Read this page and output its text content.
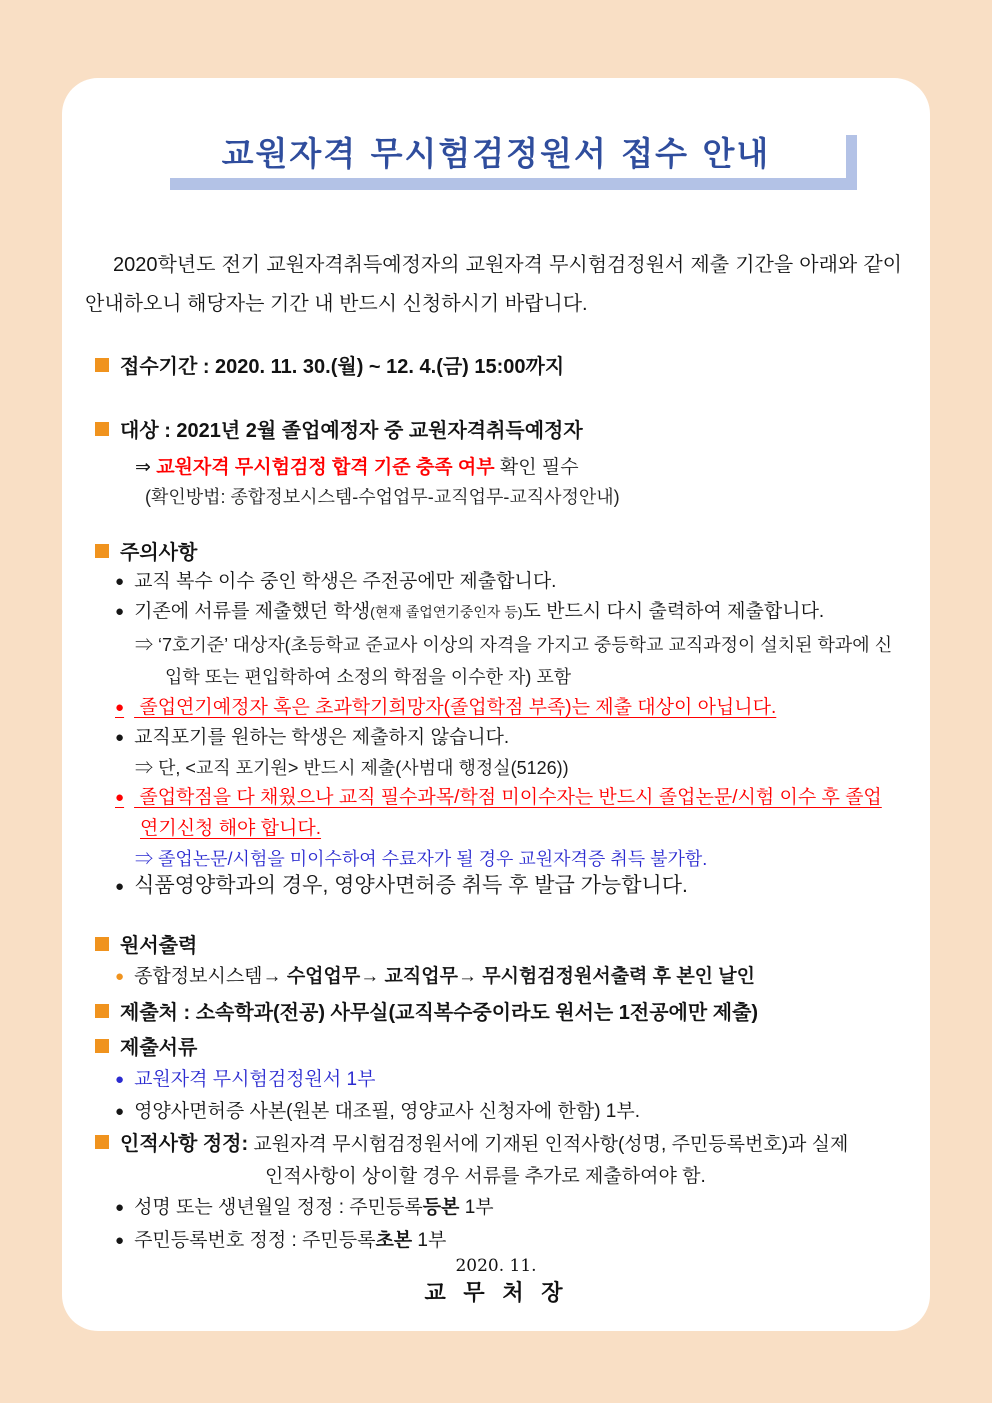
교원자격 무시험검정원서 접수 안내
2020학년도 전기 교원자격취득예정자의 교원자격 무시험검정원서 제출 기간을 아래와 같이 안내하오니 해당자는 기간 내 반드시 신청하시기 바랍니다.
접수기간 : 2020. 11. 30.(월) ~ 12. 4.(금) 15:00까지
대상 : 2021년 2월 졸업예정자 중 교원자격취득예정자
⇒ 교원자격 무시험검정 합격 기준 충족 여부 확인 필수
(확인방법: 종합정보시스템-수업업무-교직업무-교직사정안내)
주의사항
● 교직 복수 이수 중인 학생은 주전공에만 제출합니다.
● 기존에 서류를 제출했던 학생(현재 졸업연기중인자 등)도 반드시 다시 출력하여 제출합니다.
⇒ ‘7호기준’ 대상자(초등학교 준교사 이상의 자격을 가지고 중등학교 교직과정이 설치된 학과에 신입학 또는 편입학하여 소정의 학점을 이수한 자) 포함
● 졸업연기예정자 혹은 초과학기희망자(졸업학점 부족)는 제출 대상이 아닙니다.
● 교직포기를 원하는 학생은 제출하지 않습니다.
⇒ 단, <교직 포기원> 반드시 제출(사범대 행정실(5126))
● 졸업학점을 다 채웠으나 교직 필수과목/학점 미이수자는 반드시 졸업논문/시험 이수 후 졸업연기신청 해야 합니다.
⇒ 졸업논문/시험을 미이수하여 수료자가 될 경우 교원자격증 취득 불가함.
● 식품영양학과의 경우, 영양사면허증 취득 후 발급 가능합니다.
원서출력
● 종합정보시스템→ 수업업무→ 교직업무→ 무시험검정원서출력 후 본인 날인
제출처 : 소속학과(전공) 사무실(교직복수중이라도 원서는 1전공에만 제출)
제출서류
● 교원자격 무시험검정원서 1부
● 영양사면허증 사본(원본 대조필, 영양교사 신청자에 한함) 1부.
인적사항 정정: 교원자격 무시험검정원서에 기재된 인적사항(성명, 주민등록번호)과 실제
인적사항이 상이할 경우 서류를 추가로 제출하여야 함.
● 성명 또는 생년월일 정정 : 주민등록등본 1부
● 주민등록번호 정정 : 주민등록초본 1부
2020. 11.
교 무 처 장
